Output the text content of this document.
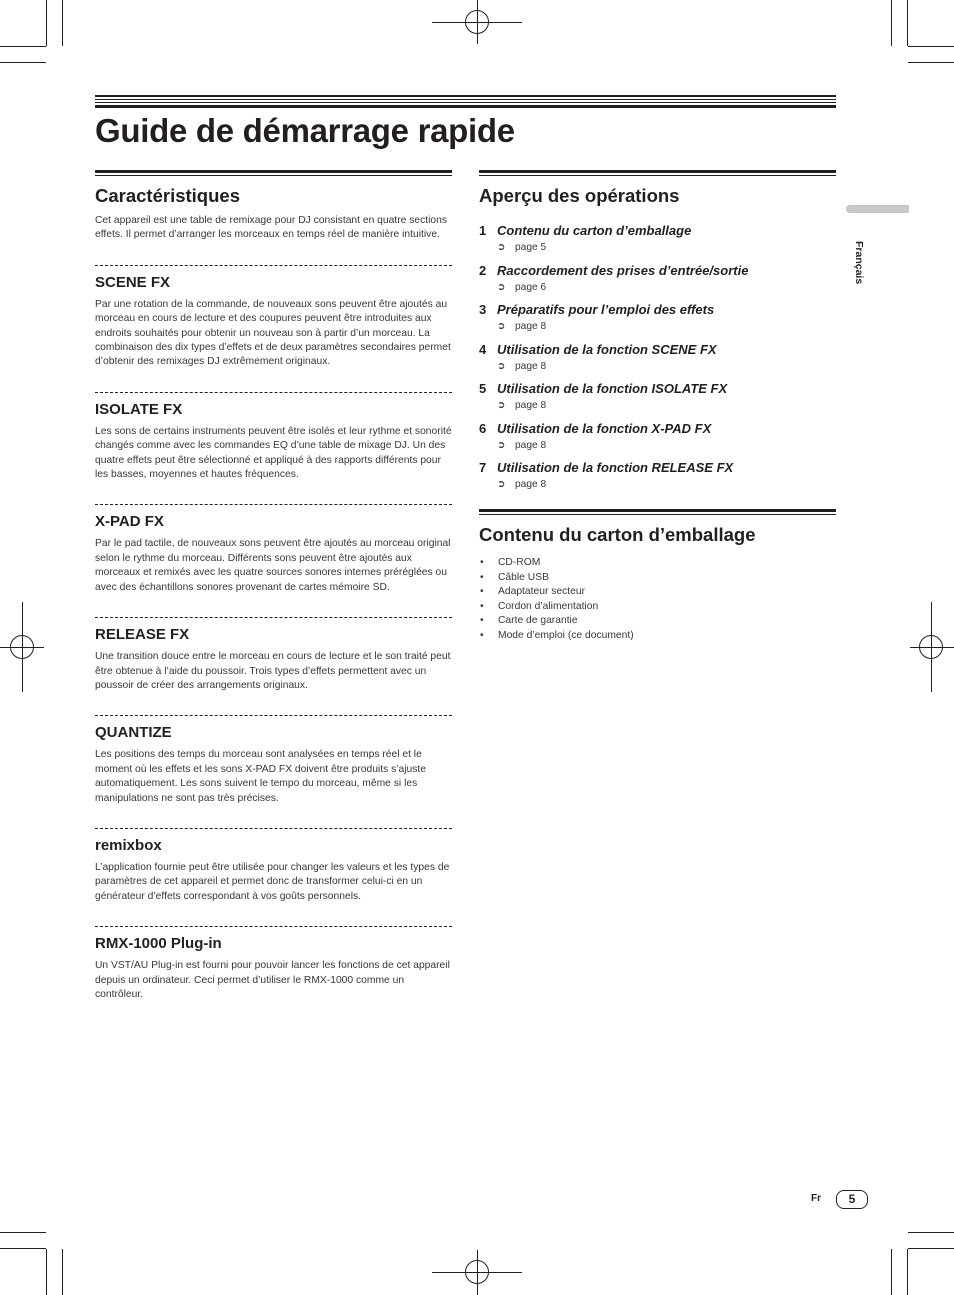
Guide de démarrage rapide
Caractéristiques

Cet appareil est une table de remixage pour DJ consistant en quatre sections effets. Il permet d’arranger les morceaux en temps réel de manière intuitive.

SCENE FX

Par une rotation de la commande, de nouveaux sons peuvent être ajoutés au morceau en cours de lecture et des coupures peuvent être introduites aux endroits souhaités pour obtenir un nouveau son à partir d’un morceau. La combinaison des dix types d’effets et de deux paramètres secondaires permet d’obtenir des remixages DJ extrêmement originaux.

ISOLATE FX

Les sons de certains instruments peuvent être isolés et leur rythme et sonorité changés comme avec les commandes EQ d’une table de mixage DJ. Un des quatre effets peut être sélectionné et appliqué à des rapports différents pour les basses, moyennes et hautes fréquences.

X-PAD FX

Par le pad tactile, de nouveaux sons peuvent être ajoutés au morceau original selon le rythme du morceau. Différents sons peuvent être ajoutés aux morceaux et remixés avec les quatre sources sonores internes préréglées ou avec des échantillons sonores provenant de cartes mémoire SD.

RELEASE FX

Une transition douce entre le morceau en cours de lecture et le son traité peut être obtenue à l’aide du poussoir. Trois types d’effets permettent avec un poussoir de créer des arrangements originaux.

QUANTIZE

Les positions des temps du morceau sont analysées en temps réel et le moment où les effets et les sons X-PAD FX doivent être produits s’ajuste automatiquement. Les sons suivent le tempo du morceau, même si les manipulations ne sont pas très précises.

remixbox

L’application fournie peut être utilisée pour changer les valeurs et les types de paramètres de cet appareil et permet donc de transformer celui-ci en un générateur d’effets correspondant à vos goûts personnels.

RMX-1000 Plug-in

Un VST/AU Plug-in est fourni pour pouvoir lancer les fonctions de cet appareil depuis un ordinateur. Ceci permet d’utiliser le RMX-1000 comme un contrôleur.

Aperçu des opérations
1 Contenu du carton d’emballage
➲ page 5
2 Raccordement des prises d’entrée/sortie
➲ page 6
3 Préparatifs pour l’emploi des effets
➲ page 8
4 Utilisation de la fonction SCENE FX
➲ page 8
5 Utilisation de la fonction ISOLATE FX
➲ page 8
6 Utilisation de la fonction X-PAD FX
➲ page 8
7 Utilisation de la fonction RELEASE FX
➲ page 8
Contenu du carton d’emballage
• CD-ROM
• Câble USB
• Adaptateur secteur
• Cordon d’alimentation
• Carte de garantie
• Mode d’emploi (ce document)
Français
Fr	5
